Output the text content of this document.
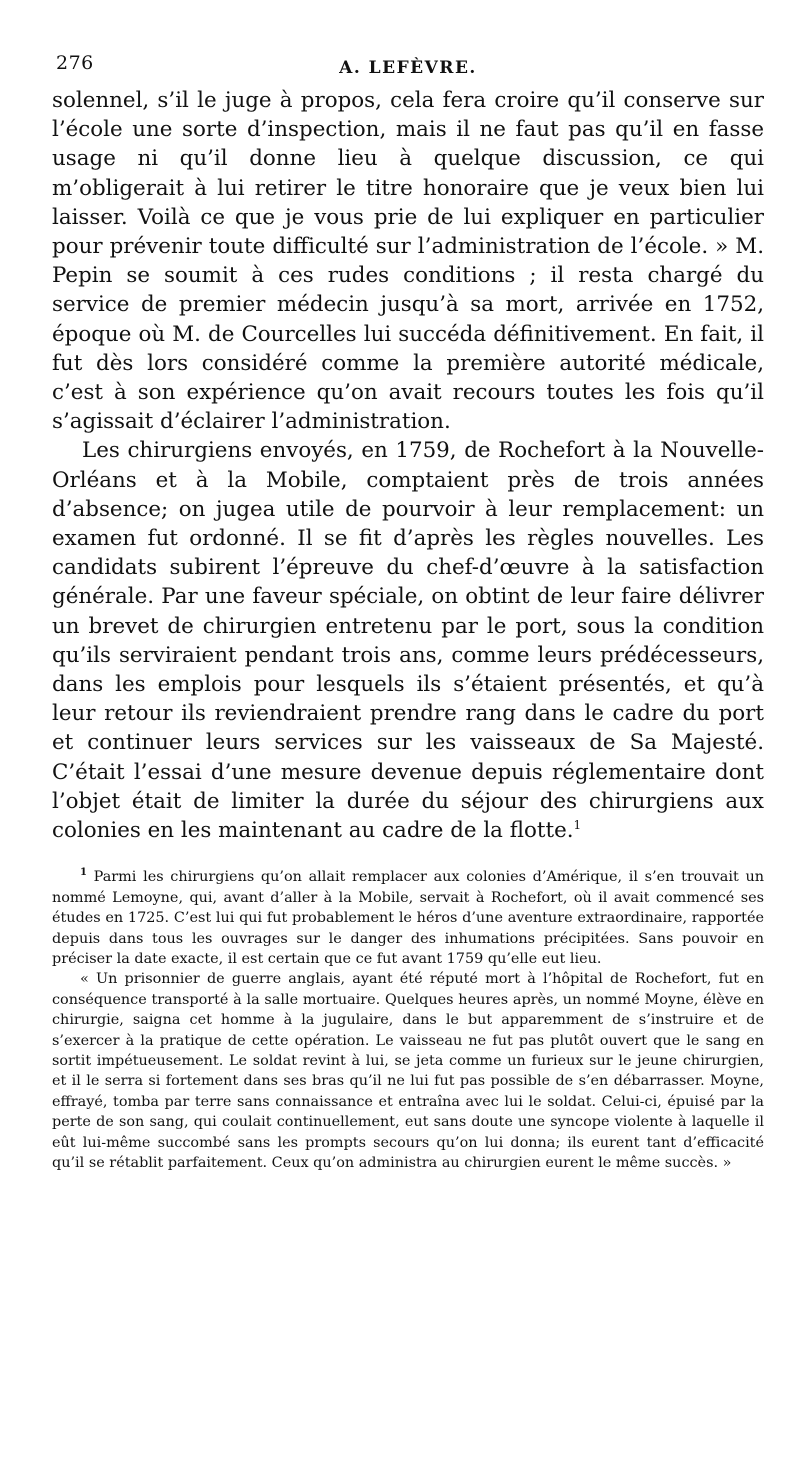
276	A. LEFÈVRE.

solennel, s’il le juge à propos, cela fera croire qu’il conserve sur l’école une sorte d’inspection, mais il ne faut pas qu’il en fasse usage ni qu’il donne lieu à quelque discussion, ce qui m’obligerait à lui retirer le titre honoraire que je veux bien lui laisser. Voilà ce que je vous prie de lui expliquer en particulier pour prévenir toute difficulté sur l’administration de l’école. » M. Pepin se soumit à ces rudes conditions ; il resta chargé du service de premier médecin jusqu’à sa mort, arrivée en 1752, époque où M. de Courcelles lui succéda définitivement. En fait, il fut dès lors considéré comme la première autorité médicale, c’est à son expérience qu’on avait recours toutes les fois qu’il s’agissait d’éclairer l’administration.

Les chirurgiens envoyés, en 1759, de Rochefort à la Nouvelle-Orléans et à la Mobile, comptaient près de trois années d’absence; on jugea utile de pourvoir à leur remplacement: un examen fut ordonné. Il se fit d’après les règles nouvelles. Les candidats subirent l’épreuve du chef-d’œuvre à la satisfaction générale. Par une faveur spéciale, on obtint de leur faire délivrer un brevet de chirurgien entretenu par le port, sous la condition qu’ils serviraient pendant trois ans, comme leurs prédécesseurs, dans les emplois pour lesquels ils s’étaient présentés, et qu’à leur retour ils reviendraient prendre rang dans le cadre du port et continuer leurs services sur les vaisseaux de Sa Majesté. C’était l’essai d’une mesure devenue depuis réglementaire dont l’objet était de limiter la durée du séjour des chirurgiens aux colonies en les maintenant au cadre de la flotte.$^1$

$^1$ Parmi les chirurgiens qu’on allait remplacer aux colonies d’Amérique, il s’en trouvait un nommé Lemoyne, qui, avant d’aller à la Mobile, servait à Rochefort, où il avait commencé ses études en 1725. C’est lui qui fut probablement le héros d’une aventure extraordinaire, rapportée depuis dans tous les ouvrages sur le danger des inhumations précipitées. Sans pouvoir en préciser la date exacte, il est certain que ce fut avant 1759 qu’elle eut lieu.

« Un prisonnier de guerre anglais, ayant été réputé mort à l’hôpital de Rochefort, fut en conséquence transporté à la salle mortuaire. Quelques heures après, un nommé Moyne, élève en chirurgie, saigna cet homme à la jugulaire, dans le but apparemment de s’instruire et de s’exercer à la pratique de cette opération. Le vaisseau ne fut pas plutôt ouvert que le sang en sortit impétueusement. Le soldat revint à lui, se jeta comme un furieux sur le jeune chirurgien, et il le serra si fortement dans ses bras qu’il ne lui fut pas possible de s’en débarrasser. Moyne, effrayé, tomba par terre sans connaissance et entraîna avec lui le soldat. Celui-ci, épuisé par la perte de son sang, qui coulait continuellement, eut sans doute une syncope violente à laquelle il eût lui-même succombé sans les prompts secours qu’on lui donna; ils eurent tant d’efficacité qu’il se rétablit parfaitement. Ceux qu’on administra au chirurgien eurent le même succès. »
